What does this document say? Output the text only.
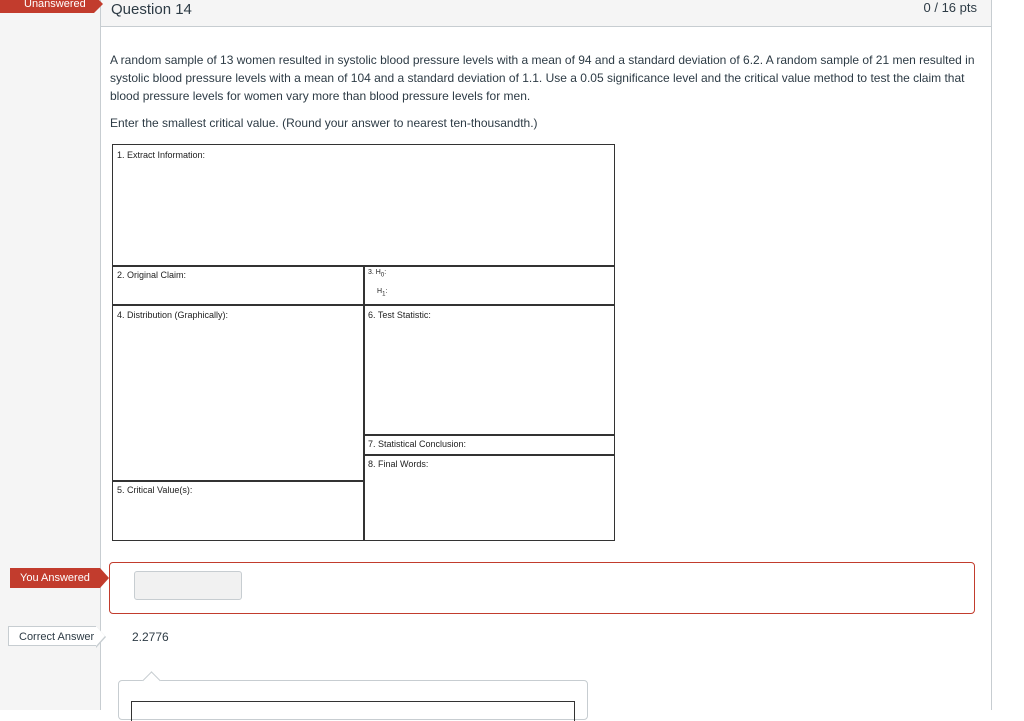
Question 14	0 / 16 pts
Unanswered
A random sample of 13 women resulted in systolic blood pressure levels with a mean of 94 and a standard deviation of 6.2. A random sample of 21 men resulted in systolic blood pressure levels with a mean of 104 and a standard deviation of 1.1. Use a 0.05 significance level and the critical value method to test the claim that blood pressure levels for women vary more than blood pressure levels for men.
Enter the smallest critical value. (Round your answer to nearest ten-thousandth.)
1. Extract Information:
2. Original Claim:	3. $H_0$:
$H_1$:
4. Distribution (Graphically):	6. Test Statistic:
7. Statistical Conclusion:
8. Final Words:
5. Critical Value(s):
You Answered
Correct Answer	2.2776
